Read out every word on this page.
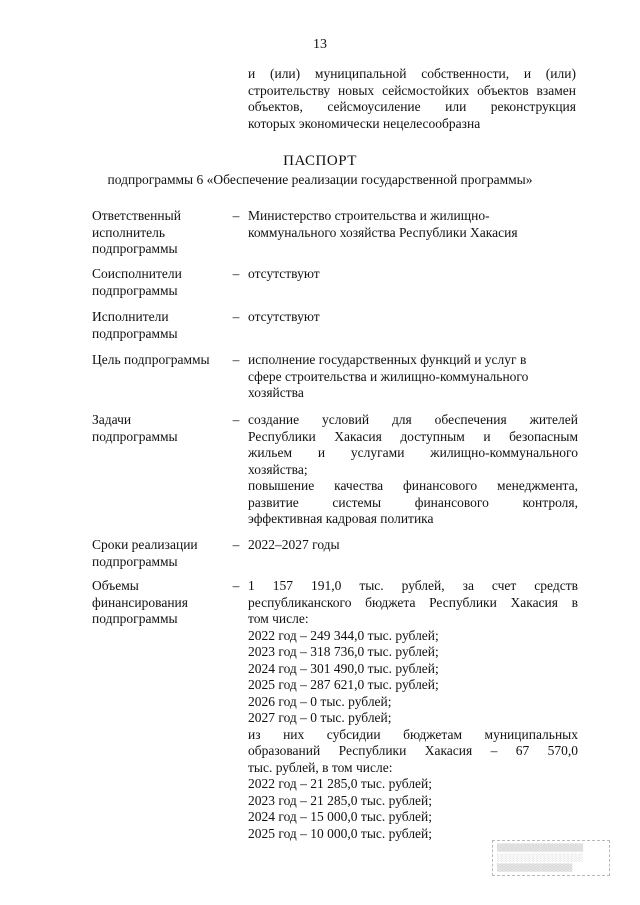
13
и (или) муниципальной собственности, и (или)
строительству новых сейсмостойких объектов взамен
объектов, сейсмоусиление или реконструкция
которых экономически нецелесообразна
ПАСПОРТ
подпрограммы 6 «Обеспечение реализации государственной программы»
Ответственный
исполнитель
подпрограммы
– Министерство строительства и жилищно-
коммунального хозяйства Республики Хакасия
Соисполнители
подпрограммы
– отсутствуют
Исполнители
подпрограммы
– отсутствуют
Цель подпрограммы	– исполнение государственных функций и услуг в
сфере строительства и жилищно-коммунального
хозяйства
Задачи
подпрограммы
– создание условий для обеспечения жителей
Республики Хакасия доступным и безопасным
жильем и услугами жилищно-коммунального
хозяйства;
повышение качества финансового менеджмента,
развитие системы финансового контроля,
эффективная кадровая политика
Сроки реализации
подпрограммы
– 2022–2027 годы
Объемы
финансирования
подпрограммы
– 1 157 191,0 тыс. рублей, за счет средств
республиканского бюджета Республики Хакасия в
том числе:
2022 год – 249 344,0 тыс. рублей;
2023 год – 318 736,0 тыс. рублей;
2024 год – 301 490,0 тыс. рублей;
2025 год – 287 621,0 тыс. рублей;
2026 год – 0 тыс. рублей;
2027 год – 0 тыс. рублей;
из них субсидии бюджетам муниципальных
образований Республики Хакасия – 67 570,0
тыс. рублей, в том числе:
2022 год – 21 285,0 тыс. рублей;
2023 год – 21 285,0 тыс. рублей;
2024 год – 15 000,0 тыс. рублей;
2025 год – 10 000,0 тыс. рублей;
▒▒▒▒▒▒▒▒▒▒▒▒▒▒▒▒
░░░░░░░░░░░░░░░░
▒▒▒▒▒▒▒▒▒▒▒▒▒▒
